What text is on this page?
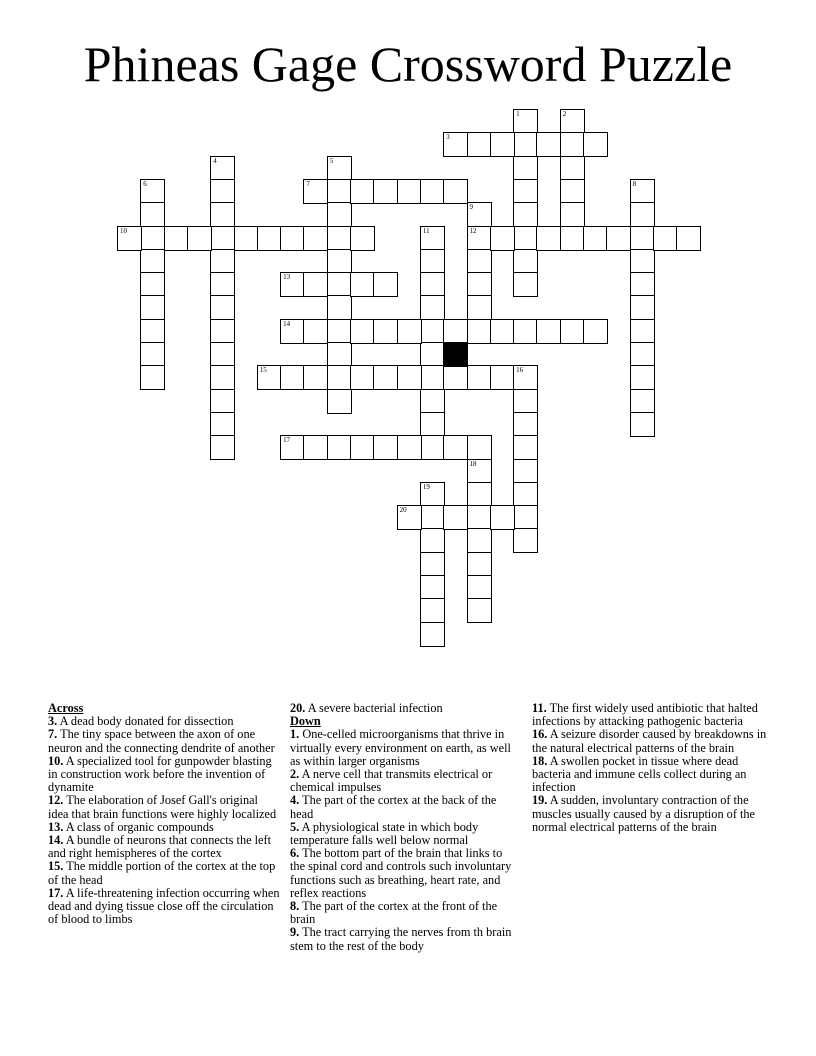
Phineas Gage Crossword Puzzle
1	2
3
4	5
6	7	8
9
12
10	11
13
14
15	16
17
18
19
20
Across
3. A dead body donated for dissection
7. The tiny space between the axon of one neuron and the connecting dendrite of another
10. A specialized tool for gunpowder blasting in construction work before the invention of dynamite
12. The elaboration of Josef Gall's original idea that brain functions were highly localized
13. A class of organic compounds
14. A bundle of neurons that connects the left and right hemispheres of the cortex
15. The middle portion of the cortex at the top of the head
17. A life-threatening infection occurring when dead and dying tissue close off the circulation of blood to limbs
20. A severe bacterial infection
Down
1. One-celled microorganisms that thrive in virtually every environment on earth, as well as within larger organisms
2. A nerve cell that transmits electrical or chemical impulses
4. The part of the cortex at the back of the head
5. A physiological state in which body temperature falls well below normal
6. The bottom part of the brain that links to the spinal cord and controls such involuntary functions such as breathing, heart rate, and reflex reactions
8. The part of the cortex at the front of the brain
9. The tract carrying the nerves from th brain stem to the rest of the body
11. The first widely used antibiotic that halted infections by attacking pathogenic bacteria
16. A seizure disorder caused by breakdowns in the natural electrical patterns of the brain
18. A swollen pocket in tissue where dead bacteria and immune cells collect during an infection
19. A sudden, involuntary contraction of the muscles usually caused by a disruption of the normal electrical patterns of the brain
